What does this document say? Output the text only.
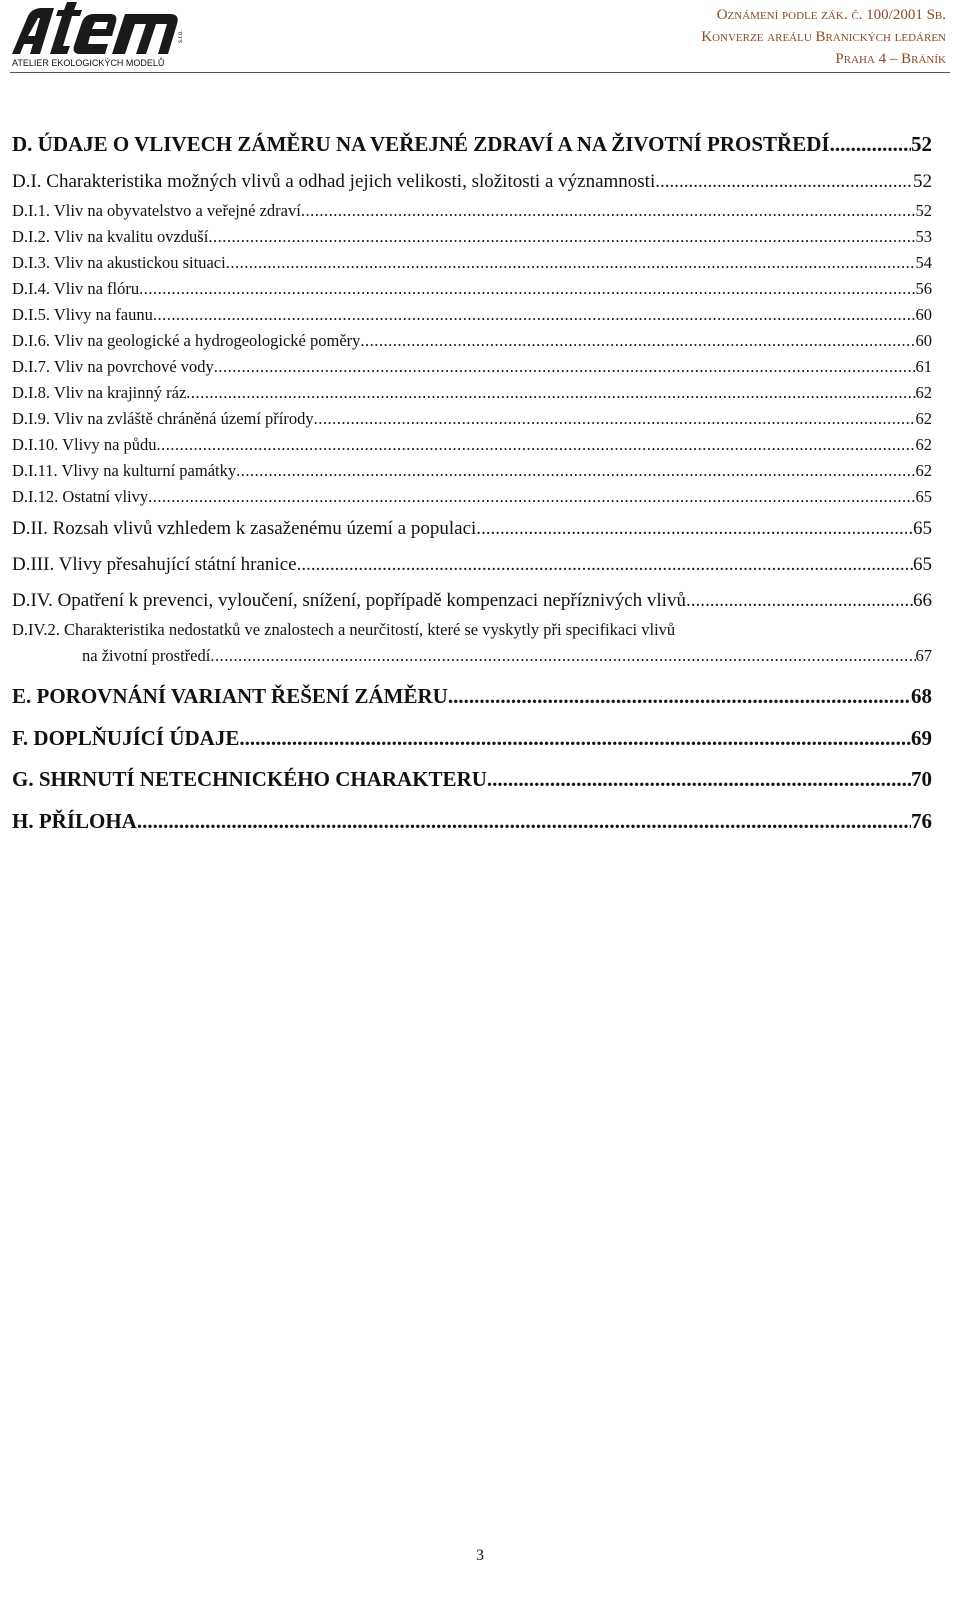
ATELIER EKOLOGICKÝCH MODELŮ
s.r.o.
Oznámení podle zák. č. 100/2001 Sb.
Konverze areálu Branických ledáren
Praha 4 – Bráník
D. ÚDAJE O VLIVECH ZÁMĚRU NA VEŘEJNÉ ZDRAVÍ A NA ŽIVOTNÍ PROSTŘEDÍ .....	52
D.I. Charakteristika možných vlivů a odhad jejich velikosti, složitosti a významnosti .....	52
D.I.1. Vliv na obyvatelstvo a veřejné zdraví .....	52
D.I.2. Vliv na kvalitu ovzduší .....	53
D.I.3. Vliv na akustickou situaci .....	54
D.I.4. Vliv na flóru .....	56
D.I.5. Vlivy na faunu .....	60
D.I.6. Vliv na geologické a hydrogeologické poměry .....	60
D.I.7. Vliv na povrchové vody .....	61
D.I.8. Vliv na krajinný ráz .....	62
D.I.9. Vliv na zvláště chráněná území přírody .....	62
D.I.10. Vlivy na půdu .....	62
D.I.11. Vlivy na kulturní památky .....	62
D.I.12. Ostatní vlivy .....	65
D.II. Rozsah vlivů vzhledem k zasaženému území a populaci .....	65
D.III. Vlivy přesahující státní hranice .....	65
D.IV. Opatření k prevenci, vyloučení, snížení, popřípadě kompenzaci nepříznivých vlivů .....	66
D.IV.2. Charakteristika nedostatků ve znalostech a neurčitostí, které se vyskytly při specifikaci vlivů
na životní prostředí .....	67
E. POROVNÁNÍ VARIANT ŘEŠENÍ ZÁMĚRU .....	68
F. DOPLŇUJÍCÍ ÚDAJE .....	69
G. SHRNUTÍ NETECHNICKÉHO CHARAKTERU .....	70
H. PŘÍLOHA .....	76
3
